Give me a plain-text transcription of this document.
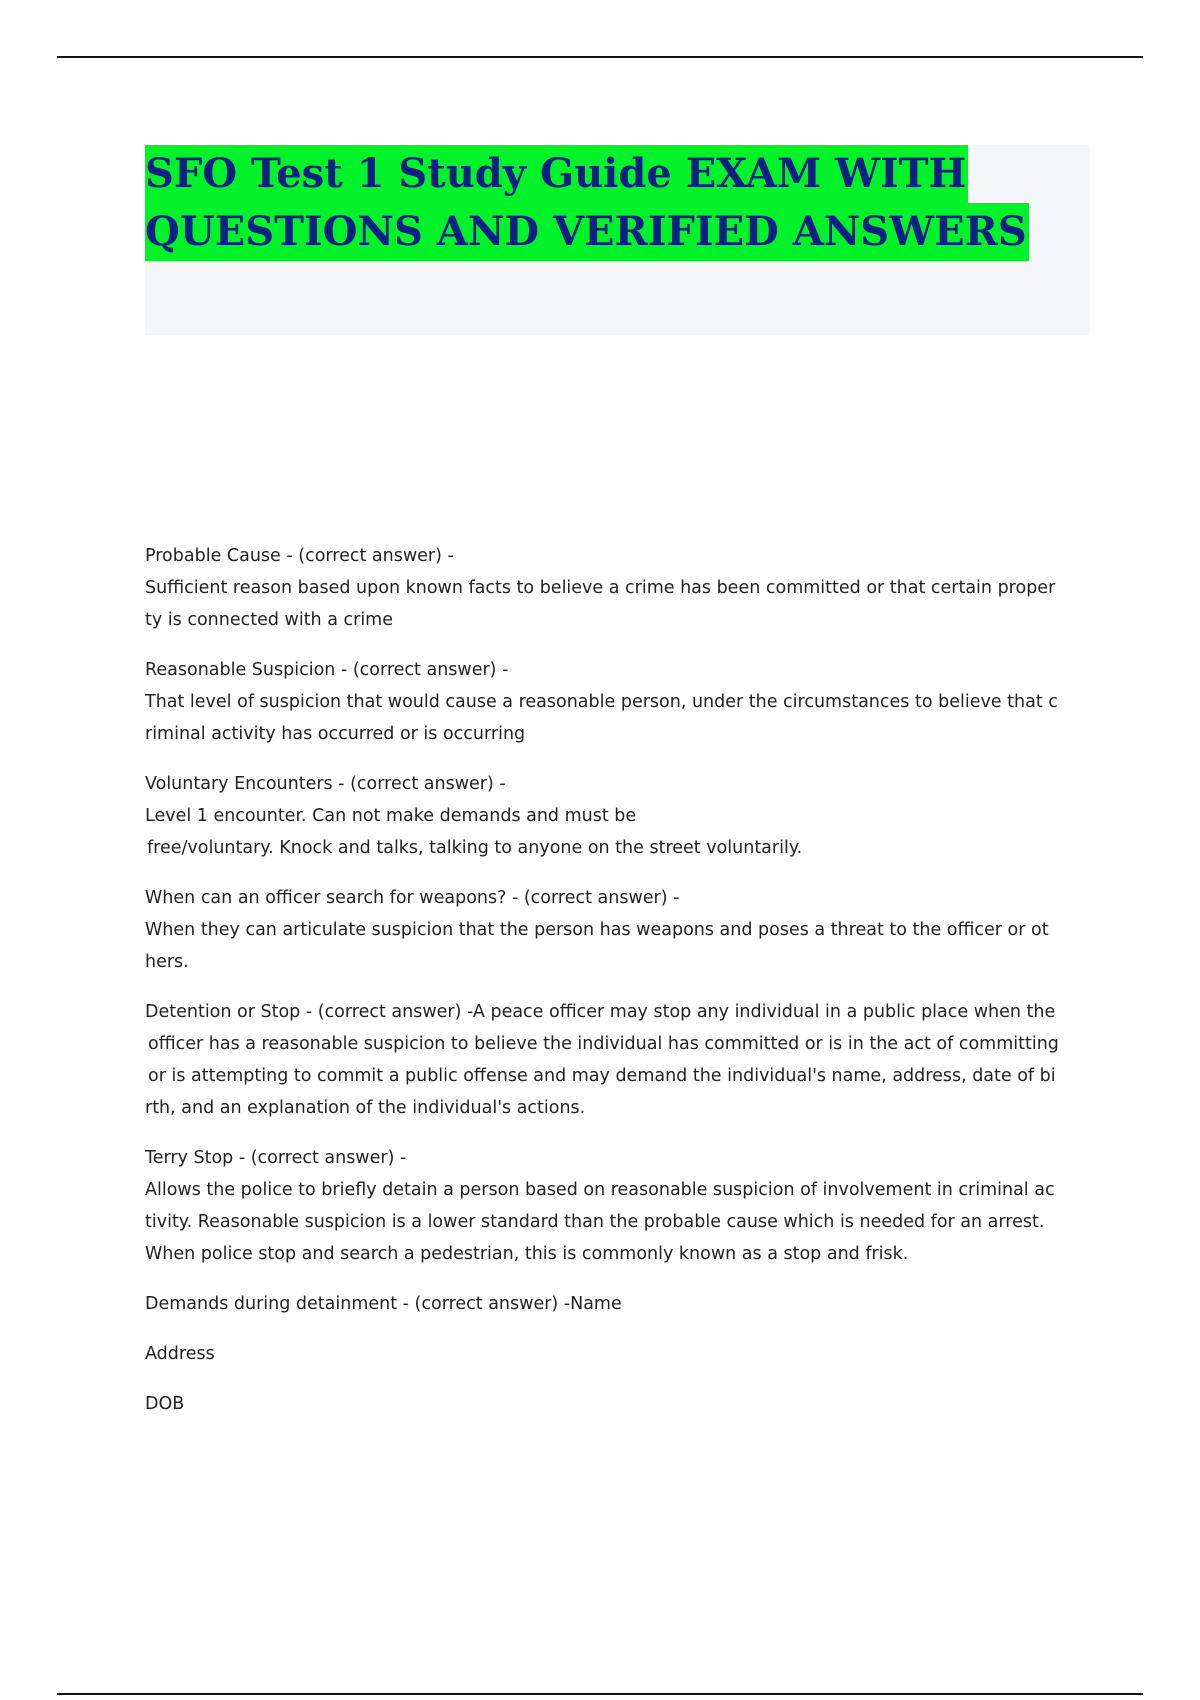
SFO Test 1 Study Guide EXAM WITH
QUESTIONS AND VERIFIED ANSWERS
Probable Cause - (correct answer) -
Sufficient reason based upon known facts to believe a crime has been committed or that certain proper
ty is connected with a crime
Reasonable Suspicion - (correct answer) -
That level of suspicion that would cause a reasonable person, under the circumstances to believe that c
riminal activity has occurred or is occurring
Voluntary Encounters - (correct answer) -
Level 1 encounter. Can not make demands and must be
free/voluntary. Knock and talks, talking to anyone on the street voluntarily.
When can an officer search for weapons? - (correct answer) -
When they can articulate suspicion that the person has weapons and poses a threat to the officer or ot
hers.
Detention or Stop - (correct answer) -A peace officer may stop any individual in a public place when the
officer has a reasonable suspicion to believe the individual has committed or is in the act of committing
or is attempting to commit a public offense and may demand the individual's name, address, date of bi
rth, and an explanation of the individual's actions.
Terry Stop - (correct answer) -
Allows the police to briefly detain a person based on reasonable suspicion of involvement in criminal ac
tivity. Reasonable suspicion is a lower standard than the probable cause which is needed for an arrest.
When police stop and search a pedestrian, this is commonly known as a stop and frisk.
Demands during detainment - (correct answer) -Name
Address
DOB
